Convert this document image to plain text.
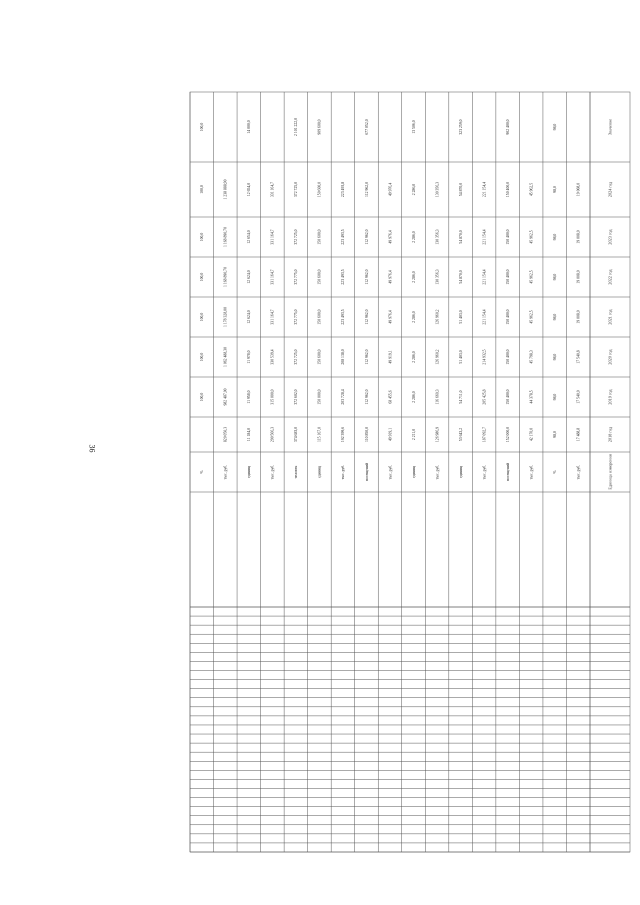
36
Значение
2019 год
2020 год
2021 год
2022 год
2023 год
2024 год
2018 год
Единица измерения
%
100,0
100,0
100,0
100,0
100,0
100,0
100,0
тыс. руб.
820 050,3
982 487,00
1 062 488,30
1 178 328,00
1 168 890,70
1 168 890,70
1 238 888,90
единиц
11 184,0
11 958,0
11 978,0
12 624,0
12 624,0
12 654,0
12 654,0
14 000,0
тыс. руб.
290 566,3
315 000,0
330 539,4
331 164,7
331 164,7
331 164,7
331 164,7
человек
374 683,0
372 602,0
372 725,0
372 775,0
372 775,0
372 725,0
372 725,0
2 101 222,0
единиц
115 167,0
150 000,0
150 600,0
150 600,0
150 600,0
150 600,0
150 600,0
909 600,0
тыс. руб.
192 399,6
203 728,4
208 138,0
223 493,5
223 493,5
223 493,5
223 493,8
посещений
110 850,0
112 962,0
112 962,0
112 962,0
112 962,0
112 962,0
112 962,0
677 052,0
тыс. руб.
49 919,1
68 455,6
49 919,1
49 976,4
49 976,4
49 976,4
49 976,4
единиц
2 211,0
2 286,0
2 286,0
2 286,0
2 286,0
2 286,0
2 286,0
13 506,0
тыс. руб.
126 986,9
116 660,3
126 960,2
126 960,2
130 356,3
130 356,3
130 356,3
единиц
53 643,2
54 711,0
51 403,0
51 403,0
54 870,0
54 870,0
54 870,0
323 259,0
тыс. руб.
187 092,7
205 425,8
214 932,5
221 154,4
221 154,4
221 154,4
221 154,4
посещений
152 000,0
150 400,0
150 400,0
150 400,0
150 400,0
150 400,0
150 400,0
902 400,0
тыс. руб.
42 170,0
44 378,5
45 798,3
45 962,5
45 962,5
45 962,5
45 962,5
%
98,0
98,0
98,0
98,0
98,0
98,0
98,0
98,0
тыс. руб.
17 488,8
17 540,0
17 540,8
19 008,0
19 008,0
19 008,0
19 008,0
